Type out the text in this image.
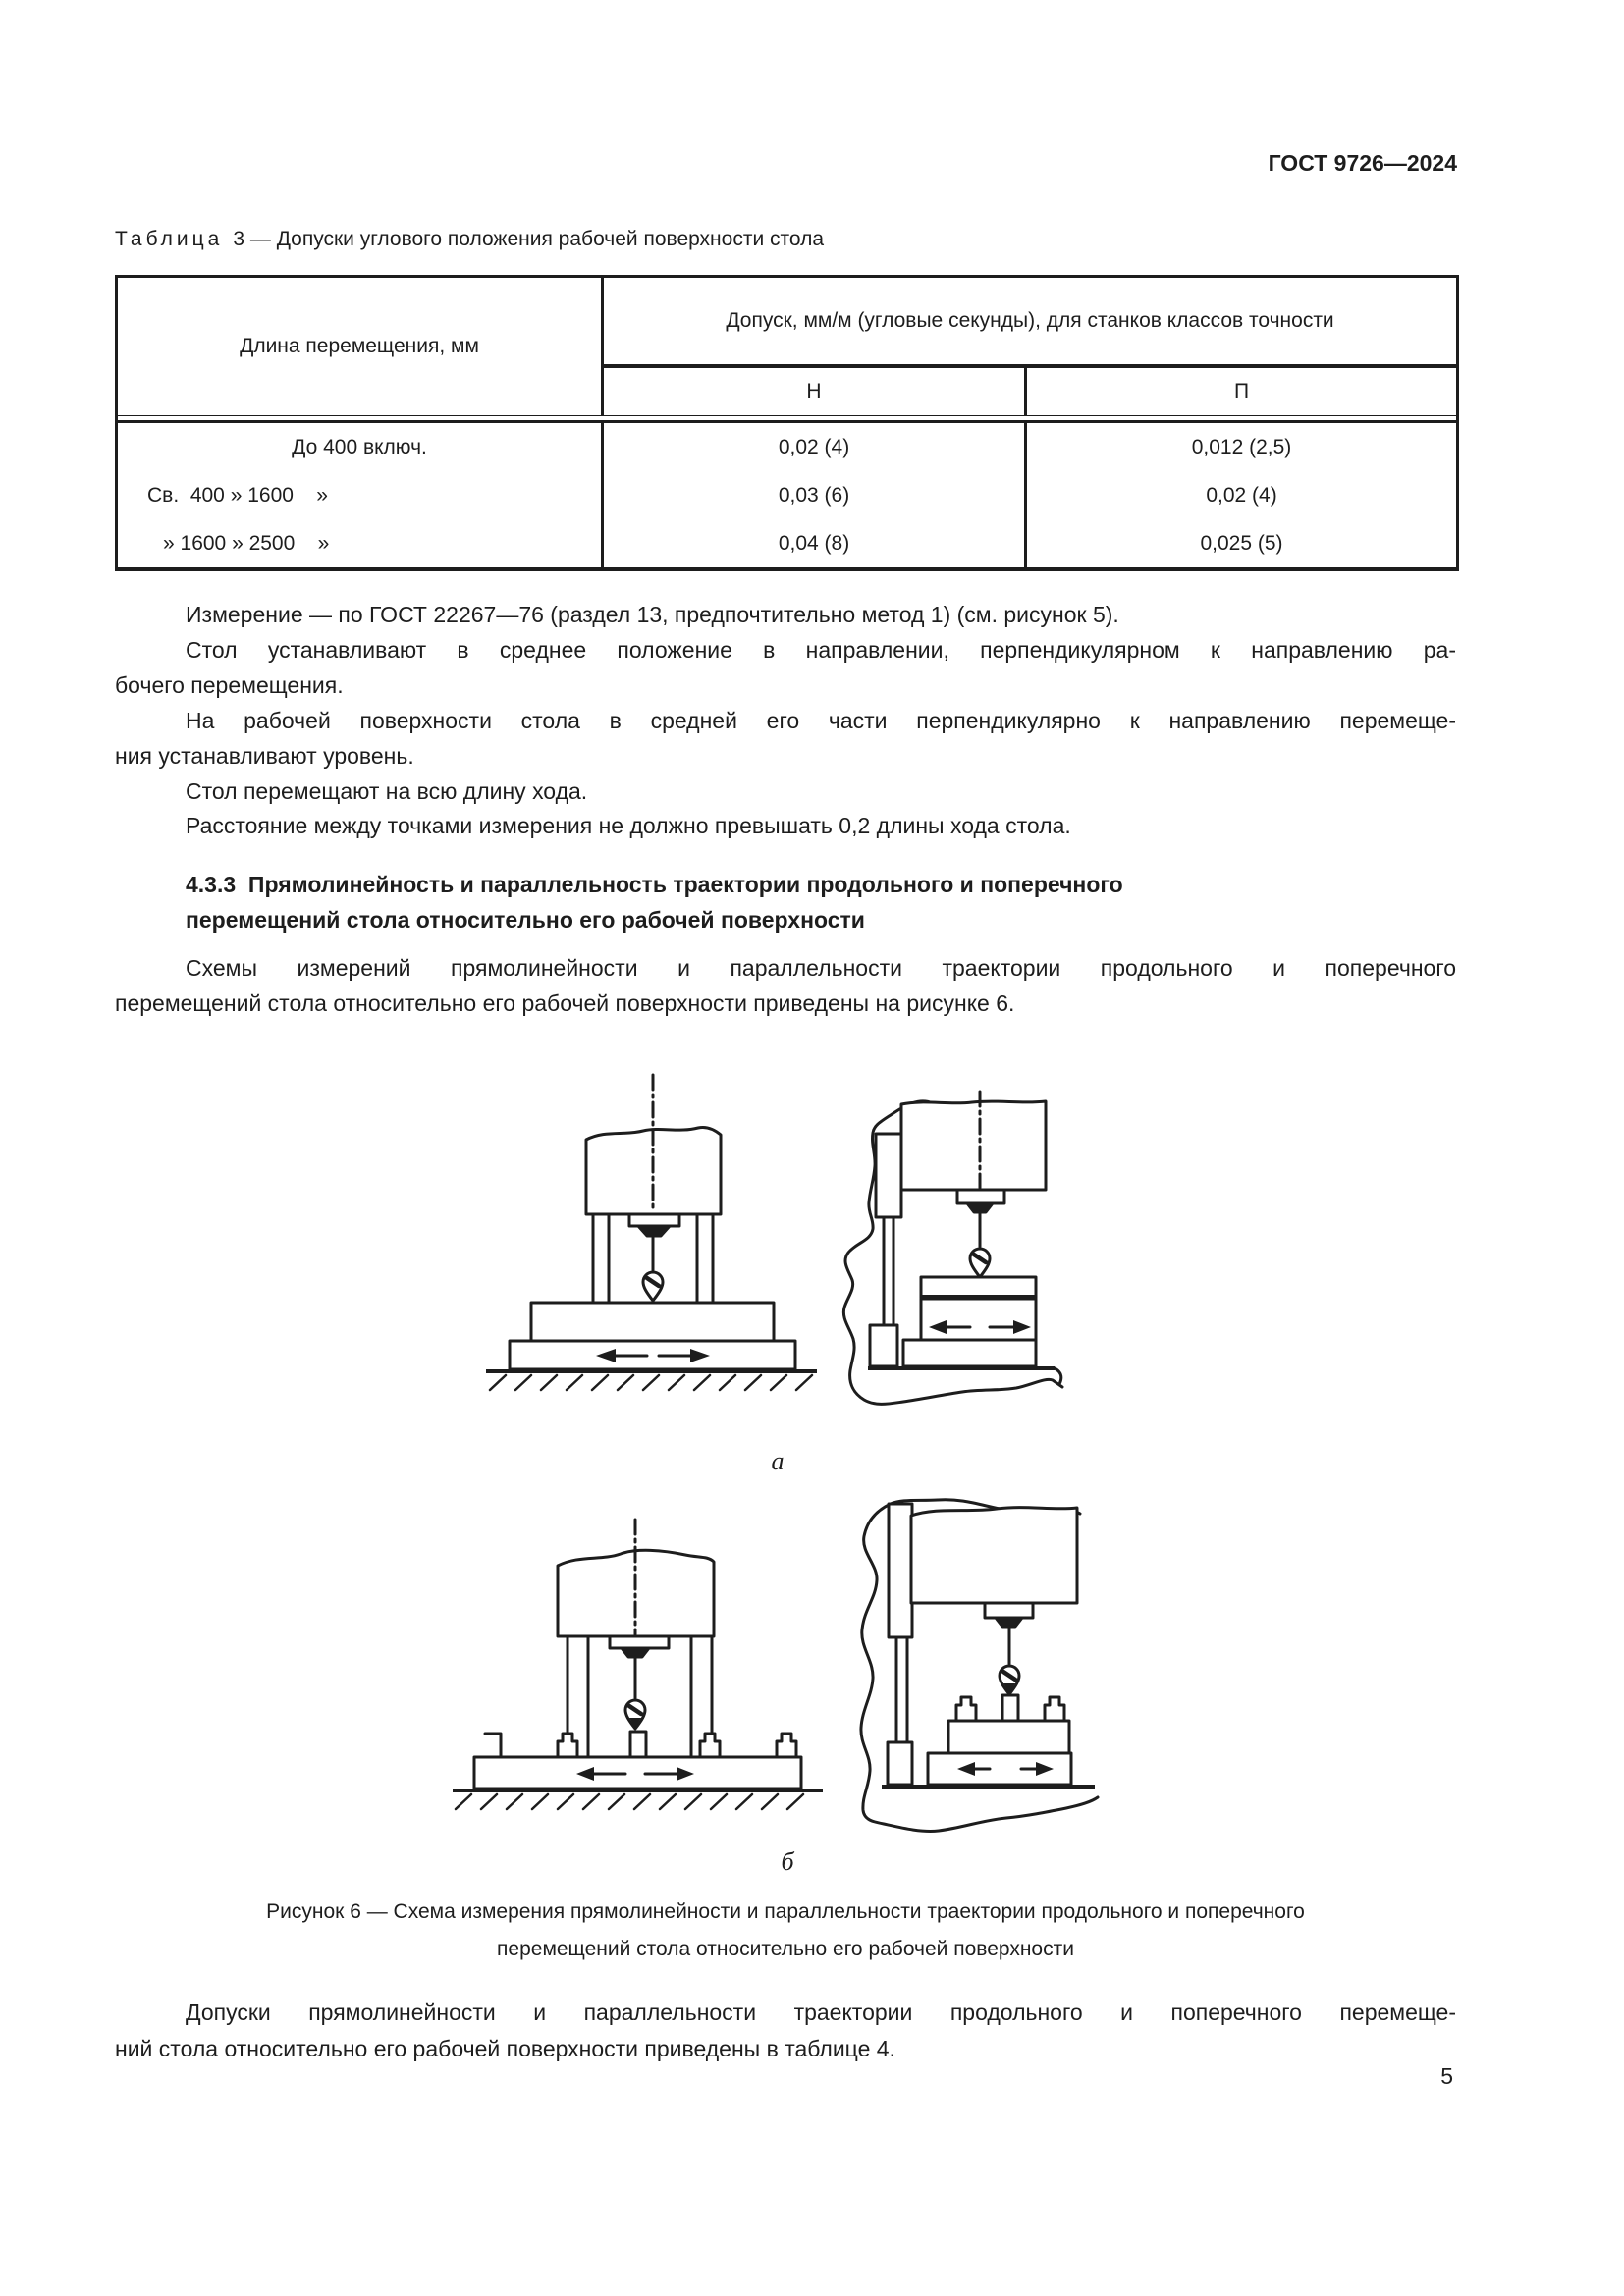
ГОСТ 9726—2024
Таблица 3 — Допуски углового положения рабочей поверхности стола
Длина перемещения, мм	Допуск, мм/м (угловые секунды), для станков классов точности	
	Н	П

До 400 включ.	0,02 (4)	0,012 (2,5)
Св.  400 » 1600    »	0,03 (6)	0,02 (4)
» 1600 » 2500    »	0,04 (8)	0,025 (5)
Измерение — по ГОСТ 22267—76 (раздел 13, предпочтительно метод 1) (см. рисунок 5).
Стол устанавливают в среднее положение в направлении, перпендикулярном к направлению ра-
бочего перемещения.
На рабочей поверхности стола в средней его части перпендикулярно к направлению перемеще-
ния устанавливают уровень.
Стол перемещают на всю длину хода.
Расстояние между точками измерения не должно превышать 0,2 длины хода стола.
4.3.3  Прямолинейность и параллельность траектории продольного и поперечного
перемещений стола относительно его рабочей поверхности
Схемы измерений прямолинейности и параллельности траектории продольного и поперечного
перемещений стола относительно его рабочей поверхности приведены на рисунке 6.
а
б
Рисунок 6 — Схема измерения прямолинейности и параллельности траектории продольного и поперечного
перемещений стола относительно его рабочей поверхности
Допуски прямолинейности и параллельности траектории продольного и поперечного перемеще-
ний стола относительно его рабочей поверхности приведены в таблице 4.
5
